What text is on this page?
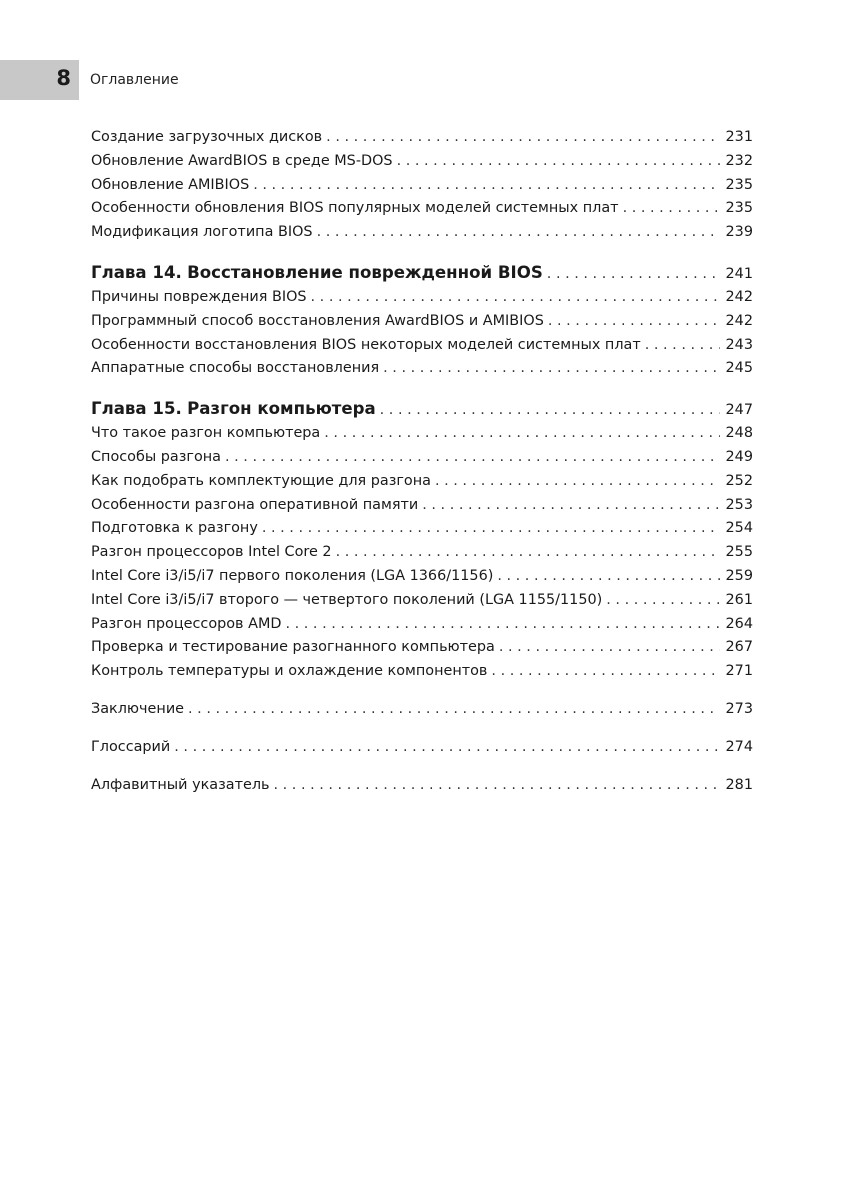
8 Оглавление
Создание загрузочных дисков . . .	231
Обновление AwardBIOS в среде MS-DOS . . .	232
Обновление AMIBIOS . . .	235
Особенности обновления BIOS популярных моделей системных плат . . .	235
Модификация логотипа BIOS . . .	239
Глава 14. Восстановление поврежденной BIOS . . .	241
Причины повреждения BIOS . . .	242
Программный способ восстановления AwardBIOS и AMIBIOS . . .	242
Особенности восстановления BIOS некоторых моделей системных плат . . .	243
Аппаратные способы восстановления . . .	245
Глава 15. Разгон компьютера . . .	247
Что такое разгон компьютера . . .	248
Способы разгона . . .	249
Как подобрать комплектующие для разгона . . .	252
Особенности разгона оперативной памяти . . .	253
Подготовка к разгону . . .	254
Разгон процессоров Intel Core 2 . . .	255
Intel Core i3/i5/i7 первого поколения (LGA 1366/1156) . . .	259
Intel Core i3/i5/i7 второго — четвертого поколений (LGA 1155/1150) . . .	261
Разгон процессоров AMD . . .	264
Проверка и тестирование разогнанного компьютера . . .	267
Контроль температуры и охлаждение компонентов . . .	271
Заключение . . .	273
Глоссарий . . .	274
Алфавитный указатель . . .	281
